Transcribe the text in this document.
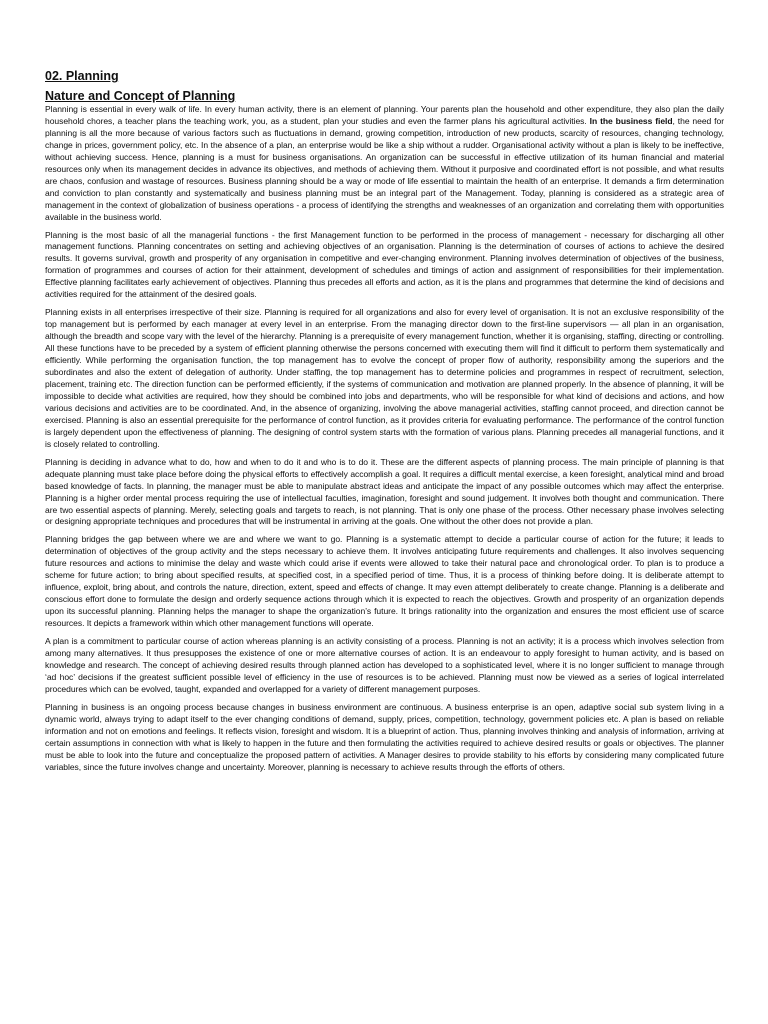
02. Planning
Nature and Concept of Planning

Planning is essential in every walk of life. In every human activity, there is an element of planning. Your parents plan the household and other expenditure, they also plan the daily household chores, a teacher plans the teaching work, you, as a student, plan your studies and even the farmer plans his agricultural activities. In the business field, the need for planning is all the more because of various factors such as fluctuations in demand, growing competition, introduction of new products, scarcity of resources, changing technology, change in prices, government policy, etc. In the absence of a plan, an enterprise would be like a ship without a rudder. Organisational activity without a plan is likely to be ineffective, without achieving success. Hence, planning is a must for business organisations. An organization can be successful in effective utilization of its human financial and material resources only when its management decides in advance its objectives, and methods of achieving them. Without it purposive and coordinated effort is not possible, and what results are chaos, confusion and wastage of resources. Business planning should be a way or mode of life essential to maintain the health of an enterprise. It demands a firm determination and conviction to plan constantly and systematically and business planning must be an integral part of the Management. Today, planning is considered as a strategic area of management in the context of globalization of business operations - a process of identifying the strengths and weaknesses of an organization and correlating them with opportunities available in the business world.

Planning is the most basic of all the managerial functions - the first Management function to be performed in the process of management - necessary for discharging all other management functions. Planning concentrates on setting and achieving objectives of an organisation. Planning is the determination of courses of actions to achieve the desired results. It governs survival, growth and prosperity of any organisation in competitive and ever-changing environment. Planning involves determination of objectives of the business, formation of programmes and courses of action for their attainment, development of schedules and timings of action and assignment of responsibilities for their implementation. Effective planning facilitates early achievement of objectives. Planning thus precedes all efforts and action, as it is the plans and programmes that determine the kind of decisions and activities required for the attainment of the desired goals.

Planning exists in all enterprises irrespective of their size. Planning is required for all organizations and also for every level of organisation. It is not an exclusive responsibility of the top management but is performed by each manager at every level in an enterprise. From the managing director down to the first-line supervisors — all plan in an organisation, although the breadth and scope vary with the level of the hierarchy. Planning is a prerequisite of every management function, whether it is organising, staffing, directing or controlling. All these functions have to be preceded by a system of efficient planning otherwise the persons concerned with executing them will find it difficult to perform them systematically and efficiently. While performing the organisation function, the top management has to evolve the concept of proper flow of authority, responsibility among the superiors and the subordinates and also the extent of delegation of authority. Under staffing, the top management has to determine policies and programmes in respect of recruitment, selection, placement, training etc. The direction function can be performed efficiently, if the systems of communication and motivation are planned properly. In the absence of planning, it will be impossible to decide what activities are required, how they should be combined into jobs and departments, who will be responsible for what kind of decisions and actions, and how various decisions and activities are to be coordinated. And, in the absence of organizing, involving the above managerial activities, staffing cannot proceed, and direction cannot be exercised. Planning is also an essential prerequisite for the performance of control function, as it provides criteria for evaluating performance. The performance of the control function is largely dependent upon the effectiveness of planning. The designing of control system starts with the formation of various plans. Planning precedes all managerial functions, and it is closely related to controlling.

Planning is deciding in advance what to do, how and when to do it and who is to do it. These are the different aspects of planning process. The main principle of planning is that adequate planning must take place before doing the physical efforts to effectively accomplish a goal. It requires a difficult mental exercise, a keen foresight, analytical mind and broad based knowledge of facts. In planning, the manager must be able to manipulate abstract ideas and anticipate the impact of any possible outcomes which may affect the enterprise. Planning is a higher order mental process requiring the use of intellectual faculties, imagination, foresight and sound judgement. It involves both thought and communication. There are two essential aspects of planning. Merely, selecting goals and targets to reach, is not planning. That is only one phase of the process. Other necessary phase involves selecting or designing appropriate techniques and procedures that will be instrumental in arriving at the goals. One without the other does not provide a plan.

Planning bridges the gap between where we are and where we want to go. Planning is a systematic attempt to decide a particular course of action for the future; it leads to determination of objectives of the group activity and the steps necessary to achieve them. It involves anticipating future requirements and challenges. It also involves sequencing future resources and actions to minimise the delay and waste which could arise if events were allowed to take their natural pace and chronological order. To plan is to produce a scheme for future action; to bring about specified results, at specified cost, in a specified period of time. Thus, it is a process of thinking before doing. It is deliberate attempt to influence, exploit, bring about, and controls the nature, direction, extent, speed and effects of change. It may even attempt deliberately to create change. Planning is a deliberate and conscious effort done to formulate the design and orderly sequence actions through which it is expected to reach the objectives. Growth and prosperity of an organization depends upon its successful planning. Planning helps the manager to shape the organization’s future. It brings rationality into the organization and ensures the most efficient use of scarce resources. It depicts a framework within which other management functions will operate.

A plan is a commitment to particular course of action whereas planning is an activity consisting of a process. Planning is not an activity; it is a process which involves selection from among many alternatives. It thus presupposes the existence of one or more alternative courses of action. It is an endeavour to apply foresight to human activity, and is based on knowledge and research. The concept of achieving desired results through planned action has developed to a sophisticated level, where it is no longer sufficient to manage through ‘ad hoc’ decisions if the greatest sufficient possible level of efficiency in the use of resources is to be achieved. Planning must now be viewed as a series of logical interrelated procedures which can be evolved, taught, expanded and overlapped for a variety of different management purposes.

Planning in business is an ongoing process because changes in business environment are continuous. A business enterprise is an open, adaptive social sub system living in a dynamic world, always trying to adapt itself to the ever changing conditions of demand, supply, prices, competition, technology, government policies etc. A plan is based on reliable information and not on emotions and feelings. It reflects vision, foresight and wisdom. It is a blueprint of action. Thus, planning involves thinking and analysis of information, arriving at certain assumptions in connection with what is likely to happen in the future and then formulating the activities required to achieve desired results or goals or objectives. The planner must be able to look into the future and conceptualize the proposed pattern of activities. A Manager desires to provide stability to his efforts by considering many complicated future variables, since the future involves change and uncertainty. Moreover, planning is necessary to achieve results through the efforts of others.
